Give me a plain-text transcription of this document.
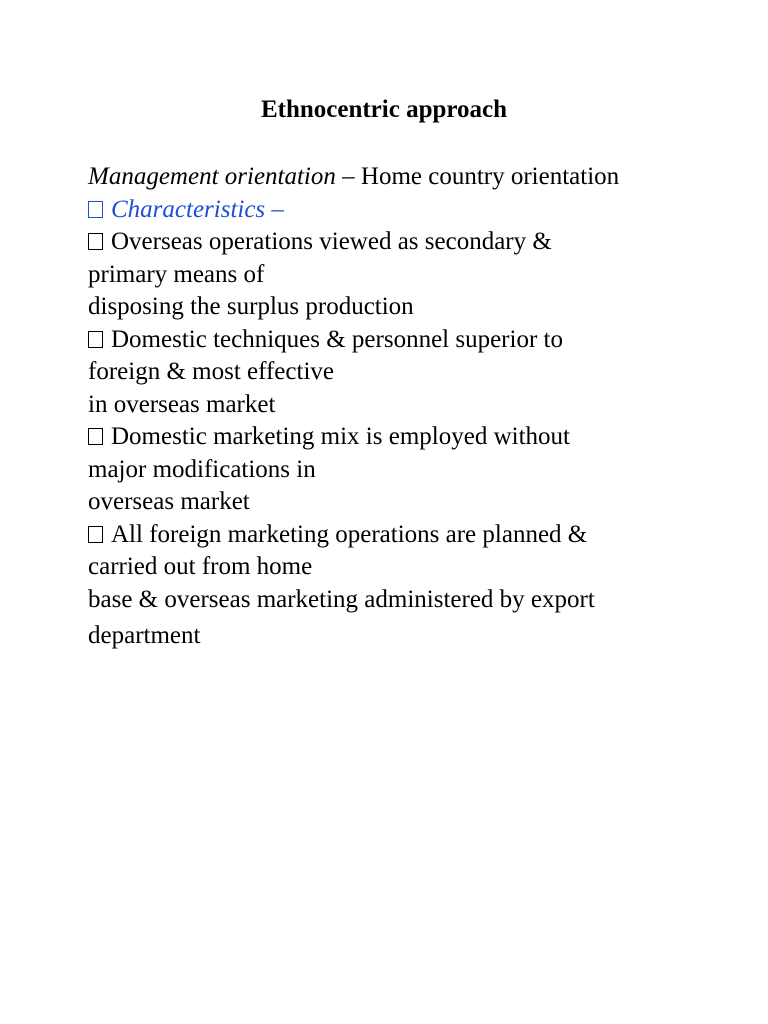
Ethnocentric approach
Management orientation – Home country orientation
Characteristics –
Overseas operations viewed as secondary &
primary means of
disposing the surplus production
Domestic techniques & personnel superior to
foreign & most effective
in overseas market
Domestic marketing mix is employed without
major modifications in
overseas market
All foreign marketing operations are planned &
carried out from home
base & overseas marketing administered by export
department
